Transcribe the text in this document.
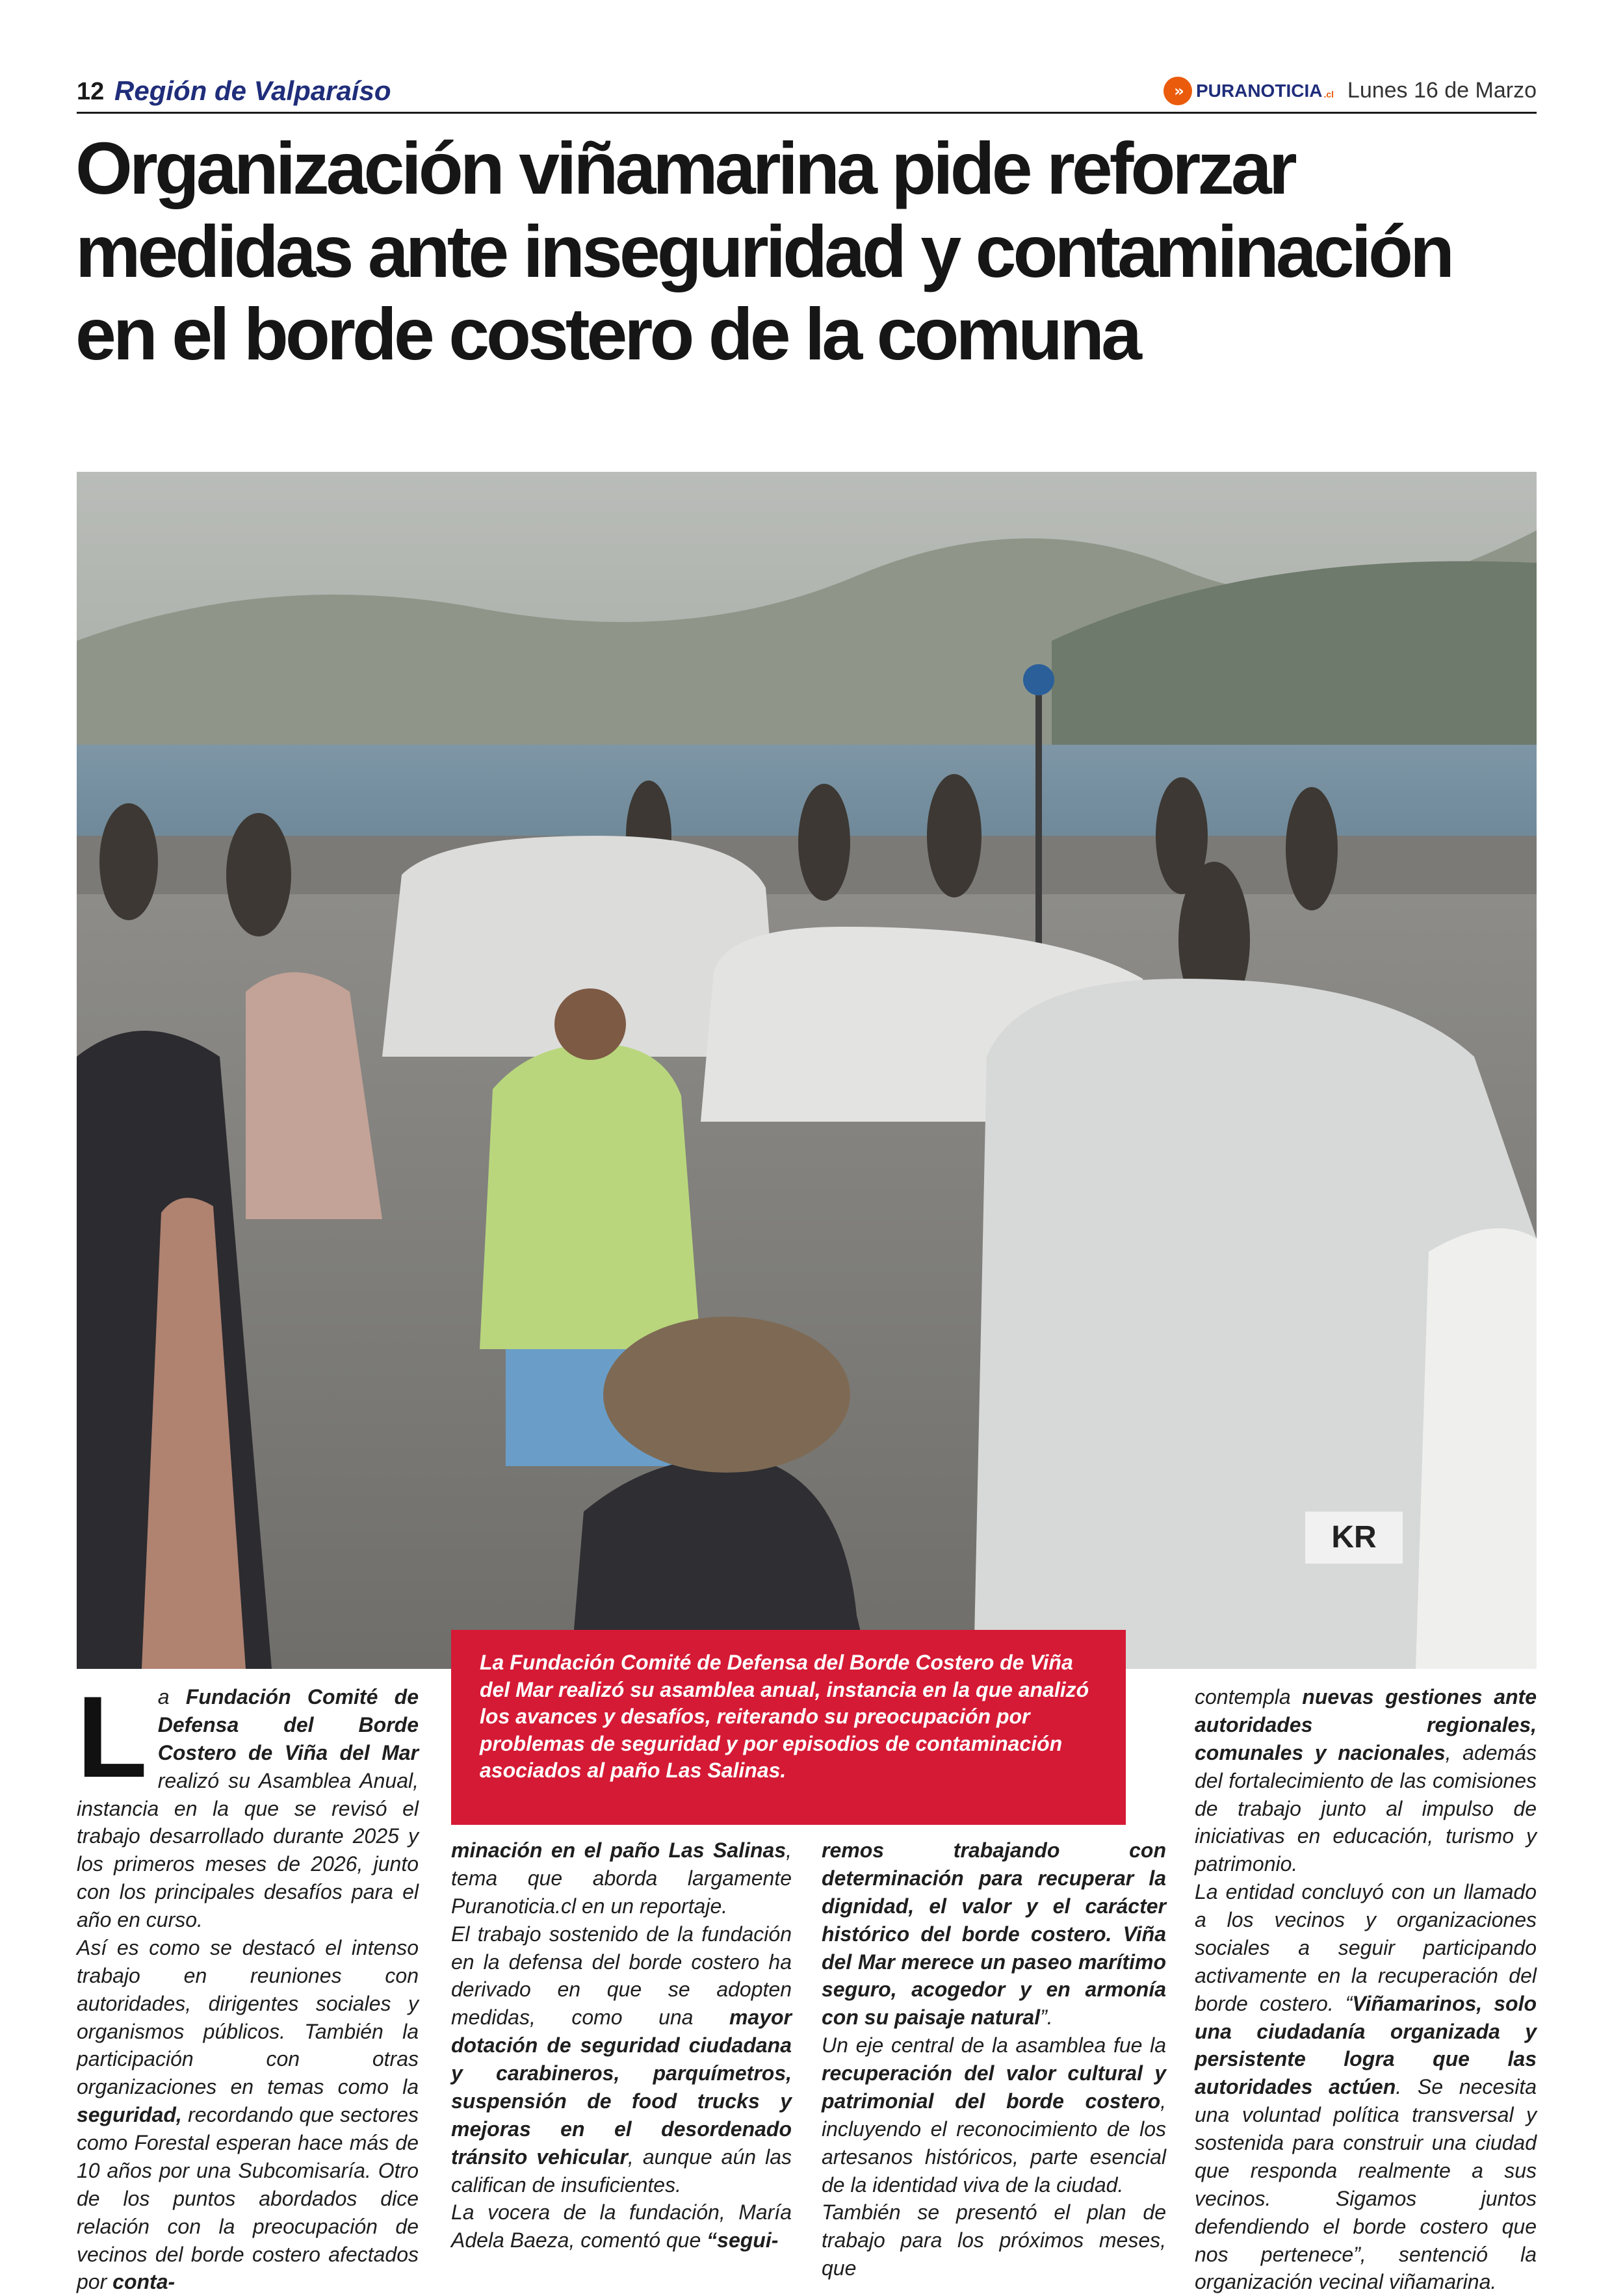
12 Región de Valparaíso	›› PURANOTICIA .cl Lunes 16 de Marzo
Organización viñamarina pide reforzar medidas ante inseguridad y contaminación en el borde costero de la comuna
KR

La Fundación Comité de Defensa del Borde Costero de Viña del Mar realizó su asamblea anual, instancia en la que analizó los avances y desafíos, reiterando su preocupación por problemas de seguridad y por episodios de contaminación asociados al paño Las Salinas.

La Fundación Comité de Defensa del Borde Costero de Viña del Mar realizó su Asamblea Anual, instancia en la que se revisó el trabajo desarrollado durante 2025 y los primeros meses de 2026, junto con los principales desafíos para el año en curso.

Así es como se destacó el intenso trabajo en reuniones con autoridades, dirigentes sociales y organismos públicos. También la participación con otras organizaciones en temas como la seguridad, recordando que sectores como Forestal esperan hace más de 10 años por una Subcomisaría. Otro de los puntos abordados dice relación con la preocupación de vecinos del borde costero afectados por conta-

minación en el paño Las Salinas, tema que aborda largamente Puranoticia.cl en un reportaje.

El trabajo sostenido de la fundación en la defensa del borde costero ha derivado en que se adopten medidas, como una mayor dotación de seguridad ciudadana y carabineros, parquímetros, suspensión de food trucks y mejoras en el desordenado tránsito vehicular, aunque aún las califican de insuficientes.

La vocera de la fundación, María Adela Baeza, comentó que “segui-

remos trabajando con determinación para recuperar la dignidad, el valor y el carácter histórico del borde costero. Viña del Mar merece un paseo marítimo seguro, acogedor y en armonía con su paisaje natural”.

Un eje central de la asamblea fue la recuperación del valor cultural y patrimonial del borde costero, incluyendo el reconocimiento de los artesanos históricos, parte esencial de la identidad viva de la ciudad.

También se presentó el plan de trabajo para los próximos meses, que

contempla nuevas gestiones ante autoridades regionales, comunales y nacionales, además del fortalecimiento de las comisiones de trabajo junto al impulso de iniciativas en educación, turismo y patrimonio.

La entidad concluyó con un llamado a los vecinos y organizaciones sociales a seguir participando activamente en la recuperación del borde costero. “Viñamarinos, solo una ciudadanía organizada y persistente logra que las autoridades actúen. Se necesita una voluntad política transversal y sostenida para construir una ciudad que responda realmente a sus vecinos. Sigamos juntos defendiendo el borde costero que nos pertenece”, sentenció la organización vecinal viñamarina.
